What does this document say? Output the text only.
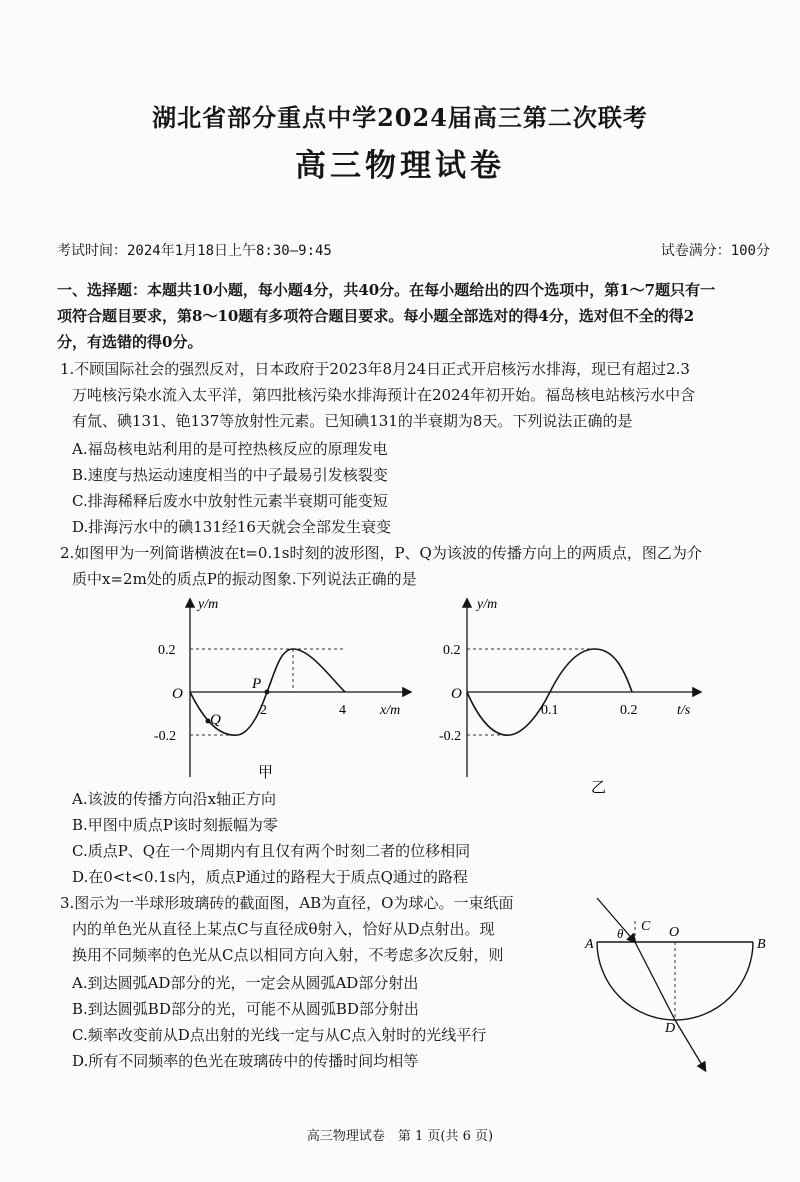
湖北省部分重点中学2024届高三第二次联考
高三物理试卷
考试时间：2024年1月18日上午8:30—9:45	试卷满分：100分
一、选择题：本题共10小题，每小题4分，共40分。在每小题给出的四个选项中，第1～7题只有一
项符合题目要求，第8～10题有多项符合题目要求。每小题全部选对的得4分，选对但不全的得2
分，有选错的得0分。
1.不顾国际社会的强烈反对，日本政府于2023年8月24日正式开启核污水排海，现已有超过2.3
万吨核污染水流入太平洋，第四批核污染水排海预计在2024年初开始。福岛核电站核污水中含
有氚、碘131、铯137等放射性元素。已知碘131的半衰期为8天。下列说法正确的是
A.福岛核电站利用的是可控热核反应的原理发电
B.速度与热运动速度相当的中子最易引发核裂变
C.排海稀释后废水中放射性元素半衰期可能变短
D.排海污水中的碘131经16天就会全部发生衰变
2.如图甲为一列简谐横波在t=0.1s时刻的波形图，P、Q为该波的传播方向上的两质点，图乙为介
质中x=2m处的质点P的振动图象.下列说法正确的是
y/m
x/m
0.2
-0.2
O
2	4
P
Q
甲
y/m
t/s
0.2
-0.2
O
0.1	0.2
乙
A.该波的传播方向沿x轴正方向
B.甲图中质点P该时刻振幅为零
C.质点P、Q在一个周期内有且仅有两个时刻二者的位移相同
D.在0<t<0.1s内，质点P通过的路程大于质点Q通过的路程
3.图示为一半球形玻璃砖的截面图，AB为直径，O为球心。一束纸面
内的单色光从直径上某点C与直径成θ射入，恰好从D点射出。现
换用不同频率的色光从C点以相同方向入射，不考虑多次反射，则
A.到达圆弧AD部分的光，一定会从圆弧AD部分射出
B.到达圆弧BD部分的光，可能不从圆弧BD部分射出
C.频率改变前从D点出射的光线一定与从C点入射时的光线平行
D.所有不同频率的色光在玻璃砖中的传播时间均相等
A	B
C O
D
θ
高三物理试卷　第 1 页(共 6 页)
